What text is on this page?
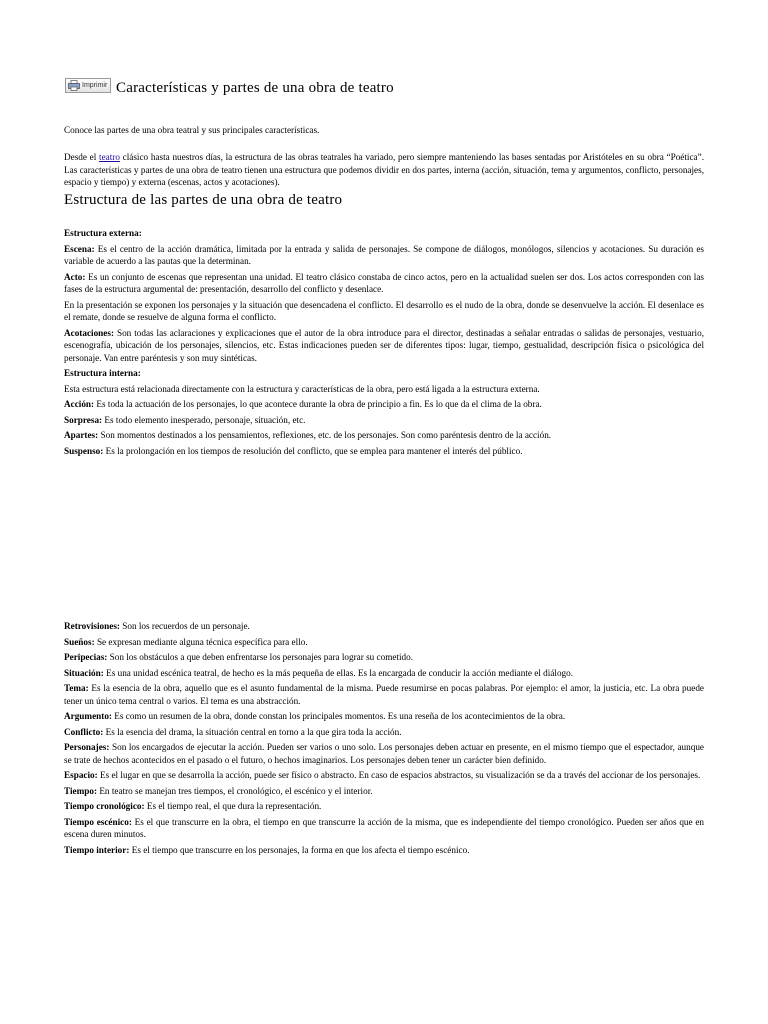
Imprimir Características y partes de una obra de teatro

Conoce las partes de una obra teatral y sus principales características.

Desde el teatro clásico hasta nuestros días, la estructura de las obras teatrales ha variado, pero siempre manteniendo las bases sentadas por Aristóteles en su obra “Poética”. Las características y partes de una obra de teatro tienen una estructura que podemos dividir en dos partes, interna (acción, situación, tema y argumentos, conflicto, personajes, espacio y tiempo) y externa (escenas, actos y acotaciones).

Estructura de las partes de una obra de teatro
Estructura externa:
Escena: Es el centro de la acción dramática, limitada por la entrada y salida de personajes. Se compone de diálogos, monólogos, silencios y acotaciones. Su duración es variable de acuerdo a las pautas que la determinan.
Acto: Es un conjunto de escenas que representan una unidad. El teatro clásico constaba de cinco actos, pero en la actualidad suelen ser dos. Los actos corresponden con las fases de la estructura argumental de: presentación, desarrollo del conflicto y desenlace.
En la presentación se exponen los personajes y la situación que desencadena el conflicto. El desarrollo es el nudo de la obra, donde se desenvuelve la acción. El desenlace es el remate, donde se resuelve de alguna forma el conflicto.
Acotaciones: Son todas las aclaraciones y explicaciones que el autor de la obra introduce para el director, destinadas a señalar entradas o salidas de personajes, vestuario, escenografía, ubicación de los personajes, silencios, etc. Estas indicaciones pueden ser de diferentes tipos: lugar, tiempo, gestualidad, descripción física o psicológica del personaje. Van entre paréntesis y son muy sintéticas.
Estructura interna:
Esta estructura está relacionada directamente con la estructura y características de la obra, pero está ligada a la estructura externa.
Acción: Es toda la actuación de los personajes, lo que acontece durante la obra de principio a fin. Es lo que da el clima de la obra.
Sorpresa: Es todo elemento inesperado, personaje, situación, etc.
Apartes: Son momentos destinados a los pensamientos, reflexiones, etc. de los personajes. Son como paréntesis dentro de la acción.
Suspenso: Es la prolongación en los tiempos de resolución del conflicto, que se emplea para mantener el interés del público.
Retrovisiones: Son los recuerdos de un personaje.
Sueños: Se expresan mediante alguna técnica específica para ello.
Peripecias: Son los obstáculos a que deben enfrentarse los personajes para lograr su cometido.
Situación: Es una unidad escénica teatral, de hecho es la más pequeña de ellas. Es la encargada de conducir la acción mediante el diálogo.
Tema: Es la esencia de la obra, aquello que es el asunto fundamental de la misma. Puede resumirse en pocas palabras. Por ejemplo: el amor, la justicia, etc. La obra puede tener un único tema central o varios. El tema es una abstracción.
Argumento: Es como un resumen de la obra, donde constan los principales momentos. Es una reseña de los acontecimientos de la obra.
Conflicto: Es la esencia del drama, la situación central en torno a la que gira toda la acción.
Personajes: Son los encargados de ejecutar la acción. Pueden ser varios o uno solo. Los personajes deben actuar en presente, en el mismo tiempo que el espectador, aunque se trate de hechos acontecidos en el pasado o el futuro, o hechos imaginarios. Los personajes deben tener un carácter bien definido.
Espacio: Es el lugar en que se desarrolla la acción, puede ser físico o abstracto. En caso de espacios abstractos, su visualización se da a través del accionar de los personajes.
Tiempo: En teatro se manejan tres tiempos, el cronológico, el escénico y el interior.
Tiempo cronológico: Es el tiempo real, el que dura la representación.
Tiempo escénico: Es el que transcurre en la obra, el tiempo en que transcurre la acción de la misma, que es independiente del tiempo cronológico. Pueden ser años que en escena duren minutos.
Tiempo interior: Es el tiempo que transcurre en los personajes, la forma en que los afecta el tiempo escénico.
